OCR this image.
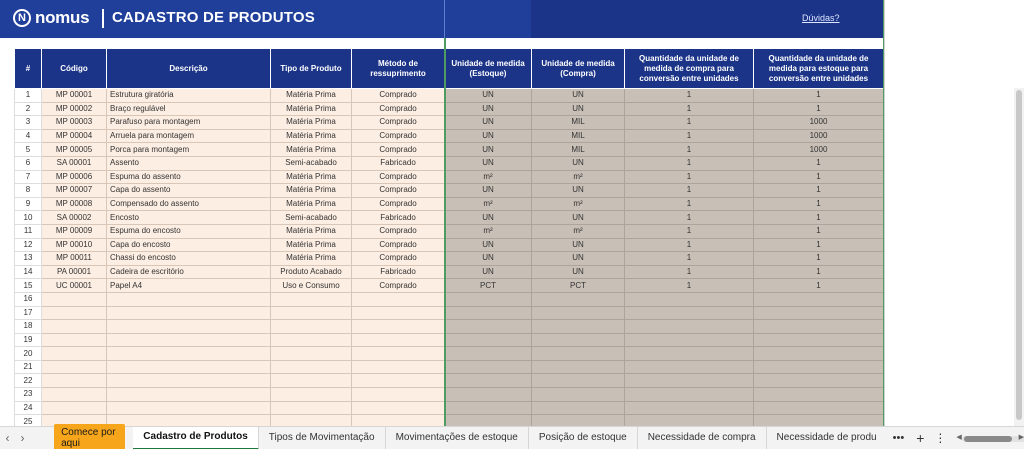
N nomus CADASTRO DE PRODUTOS	Dúvidas?
#	Código	Descrição	Tipo de Produto	Método de ressuprimento	Unidade de medida (Estoque)	Unidade de medida (Compra)	Quantidade da unidade de medida de compra para conversão entre unidades	Quantidade da unidade de medida para estoque para conversão entre unidades
1	MP 00001	Estrutura giratória	Matéria Prima	Comprado	UN	UN	1	1
2	MP 00002	Braço regulável	Matéria Prima	Comprado	UN	UN	1	1
3	MP 00003	Parafuso para montagem	Matéria Prima	Comprado	UN	MIL	1	1000
4	MP 00004	Arruela para montagem	Matéria Prima	Comprado	UN	MIL	1	1000
5	MP 00005	Porca para montagem	Matéria Prima	Comprado	UN	MIL	1	1000
6	SA 00001	Assento	Semi-acabado	Fabricado	UN	UN	1	1
7	MP 00006	Espuma do assento	Matéria Prima	Comprado	m²	m²	1	1
8	MP 00007	Capa do assento	Matéria Prima	Comprado	UN	UN	1	1
9	MP 00008	Compensado do assento	Matéria Prima	Comprado	m²	m²	1	1
10	SA 00002	Encosto	Semi-acabado	Fabricado	UN	UN	1	1
11	MP 00009	Espuma do encosto	Matéria Prima	Comprado	m²	m²	1	1
12	MP 00010	Capa do encosto	Matéria Prima	Comprado	UN	UN	1	1
13	MP 00011	Chassi do encosto	Matéria Prima	Comprado	UN	UN	1	1
14	PA 00001	Cadeira de escritório	Produto Acabado	Fabricado	UN	UN	1	1
15	UC 00001	Papel A4	Uso e Consumo	Comprado	PCT	PCT	1	1
16								
17								
18								
19								
20								
21								
22								
23								
24								
25								
‹ ›	Comece por aqui
Cadastro de Produtos	Tipos de Movimentação	Movimentações de estoque	Posição de estoque	Necessidade de compra	Necessidade de produ	••• + ⋮	◀	▶
